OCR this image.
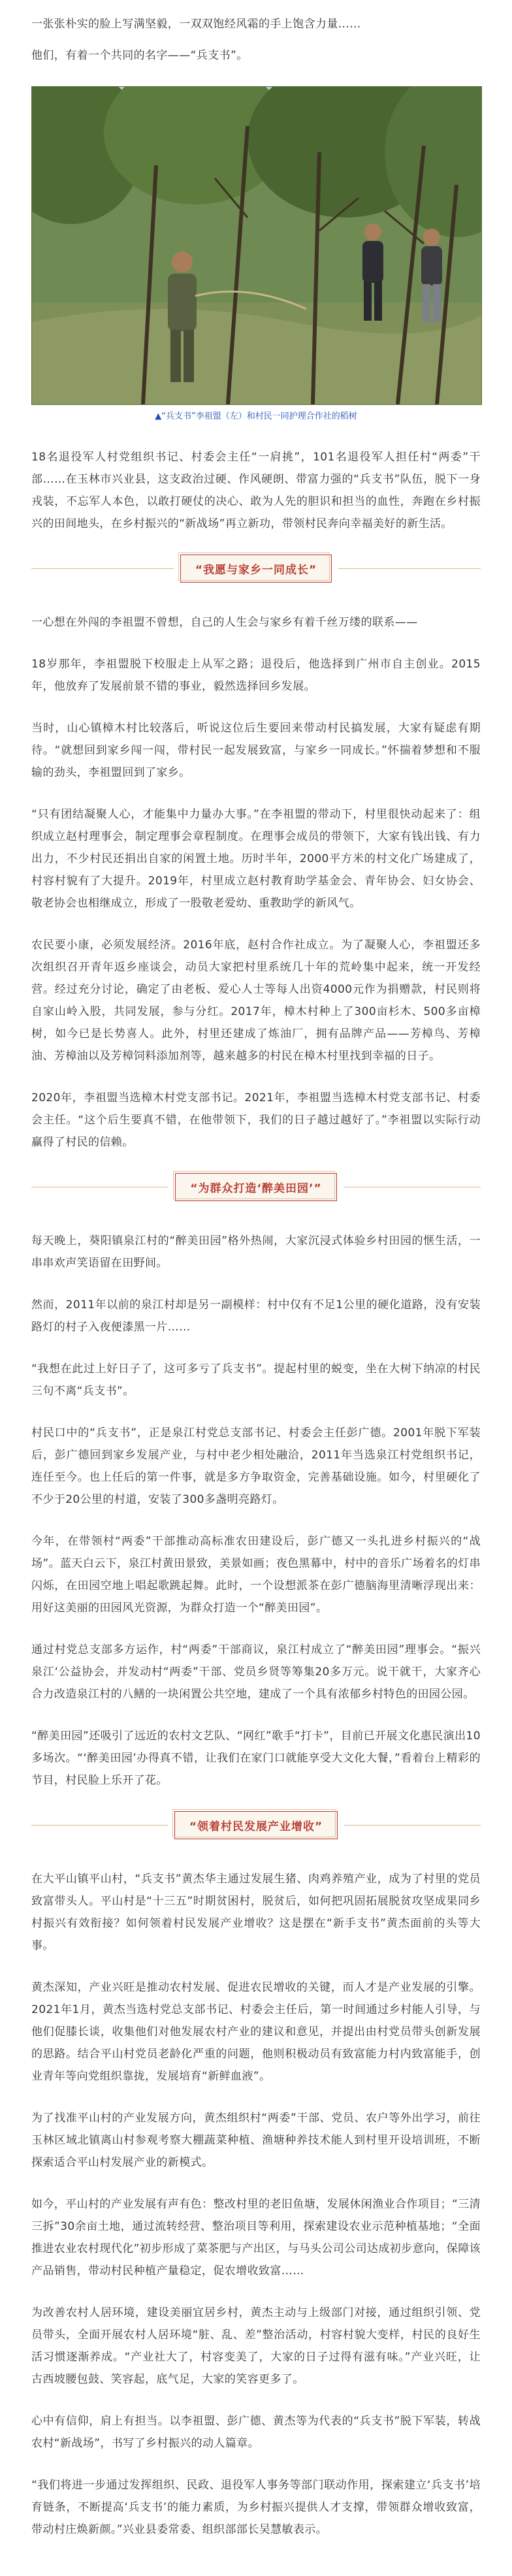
一张张朴实的脸上写满坚毅，一双双饱经风霜的手上饱含力量……

他们，有着一个共同的名字——“兵支书”。

▲“兵支书”李祖盟（左）和村民一同护理合作社的稻树

18名退役军人村党组织书记、村委会主任“一肩挑”，101名退役军人担任村“两委”干部……在玉林市兴业县，这支政治过硬、作风硬朗、带富力强的“兵支书”队伍，脱下一身戎装，不忘军人本色，以敢打硬仗的决心、敢为人先的胆识和担当的血性，奔跑在乡村振兴的田间地头，在乡村振兴的“新战场”再立新功，带领村民奔向幸福美好的新生活。

“我愿与家乡一同成长”

一心想在外闯的李祖盟不曾想，自己的人生会与家乡有着千丝万缕的联系——

18岁那年，李祖盟脱下校服走上从军之路；退役后，他选择到广州市自主创业。2015年，他放弃了发展前景不错的事业，毅然选择回乡发展。

当时，山心镇樟木村比较落后，听说这位后生要回来带动村民搞发展，大家有疑虑有期待。“就想回到家乡闯一闯，带村民一起发展致富，与家乡一同成长。”怀揣着梦想和不服输的劲头，李祖盟回到了家乡。

“只有团结凝聚人心，才能集中力量办大事。”在李祖盟的带动下，村里很快动起来了：组织成立赵村理事会，制定理事会章程制度。在理事会成员的带领下，大家有钱出钱、有力出力，不少村民还捐出自家的闲置土地。历时半年，2000平方米的村文化广场建成了，村容村貌有了大提升。2019年，村里成立赵村教育助学基金会、青年协会、妇女协会、敬老协会也相继成立，形成了一股敬老爱幼、重教助学的新风气。

农民要小康，必须发展经济。2016年底，赵村合作社成立。为了凝聚人心，李祖盟还多次组织召开青年返乡座谈会，动员大家把村里系统几十年的荒岭集中起来，统一开发经营。经过充分讨论，确定了由老板、爱心人士等每人出资4000元作为捐赠款，村民则将自家山岭入股，共同发展，参与分红。2017年，樟木村种上了300亩杉木、500多亩樟树，如今已是长势喜人。此外，村里还建成了炼油厂，拥有品牌产品——芳樟鸟、芳樟油、芳樟油以及芳樟饲料添加剂等，越来越多的村民在樟木村里找到幸福的日子。

2020年，李祖盟当选樟木村党支部书记。2021年，李祖盟当选樟木村党支部书记、村委会主任。“这个后生要真不错，在他带领下，我们的日子越过越好了。”李祖盟以实际行动赢得了村民的信赖。

“为群众打造‘醉美田园’”

每天晚上，葵阳镇泉江村的“醉美田园”格外热闹，大家沉浸式体验乡村田园的惬生活，一串串欢声笑语留在田野间。

然而，2011年以前的泉江村却是另一副模样：村中仅有不足1公里的硬化道路，没有安装路灯的村子入夜便漆黑一片……

“我想在此过上好日子了，这可多亏了兵支书”。提起村里的蜕变，坐在大树下纳凉的村民三句不离“兵支书”。

村民口中的“兵支书”，正是泉江村党总支部书记、村委会主任彭广德。2001年脱下军装后，彭广德回到家乡发展产业，与村中老少相处融洽，2011年当选泉江村党组织书记，连任至今。也上任后的第一件事，就是多方争取资金，完善基础设施。如今，村里硬化了不少于20公里的村道，安装了300多盏明亮路灯。

今年，在带领村“两委”干部推动高标准农田建设后，彭广德又一头扎进乡村振兴的“战场”。蓝天白云下，泉江村黄田景致，美景如画；夜色黑幕中，村中的音乐广场着名的灯串闪烁，在田园空地上唱起歌跳起舞。此时，一个设想派茶在彭广德脑海里清晰浮现出来：用好这美丽的田园风光资源，为群众打造一个“醉美田园”。

通过村党总支部多方运作，村“两委”干部商议，泉江村成立了“醉美田园”理事会。“振兴泉江‘公益协会，并发动村“两委”干部、党员乡贤等筹集20多万元。说干就干，大家齐心合力改造泉江村的八鳝的一块闲置公共空地，建成了一个具有浓郁乡村特色的田园公园。

“醉美田园”还吸引了远近的农村文艺队、“网红”歌手“打卡”，目前已开展文化惠民演出10多场次。“‘醉美田园’办得真不错，让我们在家门口就能享受大文化大餐，”看着台上精彩的节目，村民脸上乐开了花。

“领着村民发展产业增收”

在大平山镇平山村，“兵支书”黄杰华主通过发展生猪、肉鸡养殖产业，成为了村里的党员致富带头人。平山村是“十三五”时期贫困村，脱贫后，如何把巩固拓展脱贫攻坚成果同乡村振兴有效衔接？如何领着村民发展产业增收？这是摆在“新手支书”黄杰面前的头等大事。

黄杰深知，产业兴旺是推动农村发展、促进农民增收的关键，而人才是产业发展的引擎。2021年1月，黄杰当选村党总支部书记、村委会主任后，第一时间通过乡村能人引导，与他们促膝长谈，收集他们对他发展农村产业的建议和意见，并提出由村党员带头创新发展的思路。结合平山村党员老龄化严重的问题，他则积极动员有致富能力村内致富能手，创业青年等向党组织靠拢，发展培育“新鲜血液”。

为了找准平山村的产业发展方向，黄杰组织村“两委”干部、党员、农户等外出学习，前往玉林区域北镇离山村参观考察大棚蔬菜种植、渔塘种养技术能人到村里开设培训班，不断探索适合平山村发展产业的新模式。

如今，平山村的产业发展有声有色：整改村里的老旧鱼塘，发展休闲渔业合作项目；“三清三拆”30余亩土地，通过流转经营、整治项目等利用，探索建设农业示范种植基地；“全面推进农业农村现代化”初步形成了菜茶肥与产出区，与马头公司公司达成初步意向，保障该产品销售，带动村民种植产量稳定，促农增收致富……

为改善农村人居环境，建设美丽宜居乡村，黄杰主动与上级部门对接，通过组织引领、党员带头，全面开展农村人居环境“脏、乱、差”整治活动，村容村貌大变样，村民的良好生活习惯逐渐养成。“产业社大了，村容变美了，大家的日子过得有滋有味。”产业兴旺，让古西坡腰包鼓、笑容起，底气足，大家的笑容更多了。

心中有信仰，肩上有担当。以李祖盟、彭广德、黄杰等为代表的“兵支书”脱下军装，转战农村“新战场”，书写了乡村振兴的动人篇章。

“我们将进一步通过发挥组织、民政、退役军人事务等部门联动作用，探索建立‘兵支书’培育链条，不断提高‘兵支书’的能力素质，为乡村振兴提供人才支撑，带领群众增收致富，带动村庄焕新颜。”兴业县委常委、组织部部长吴慧敏表示。
